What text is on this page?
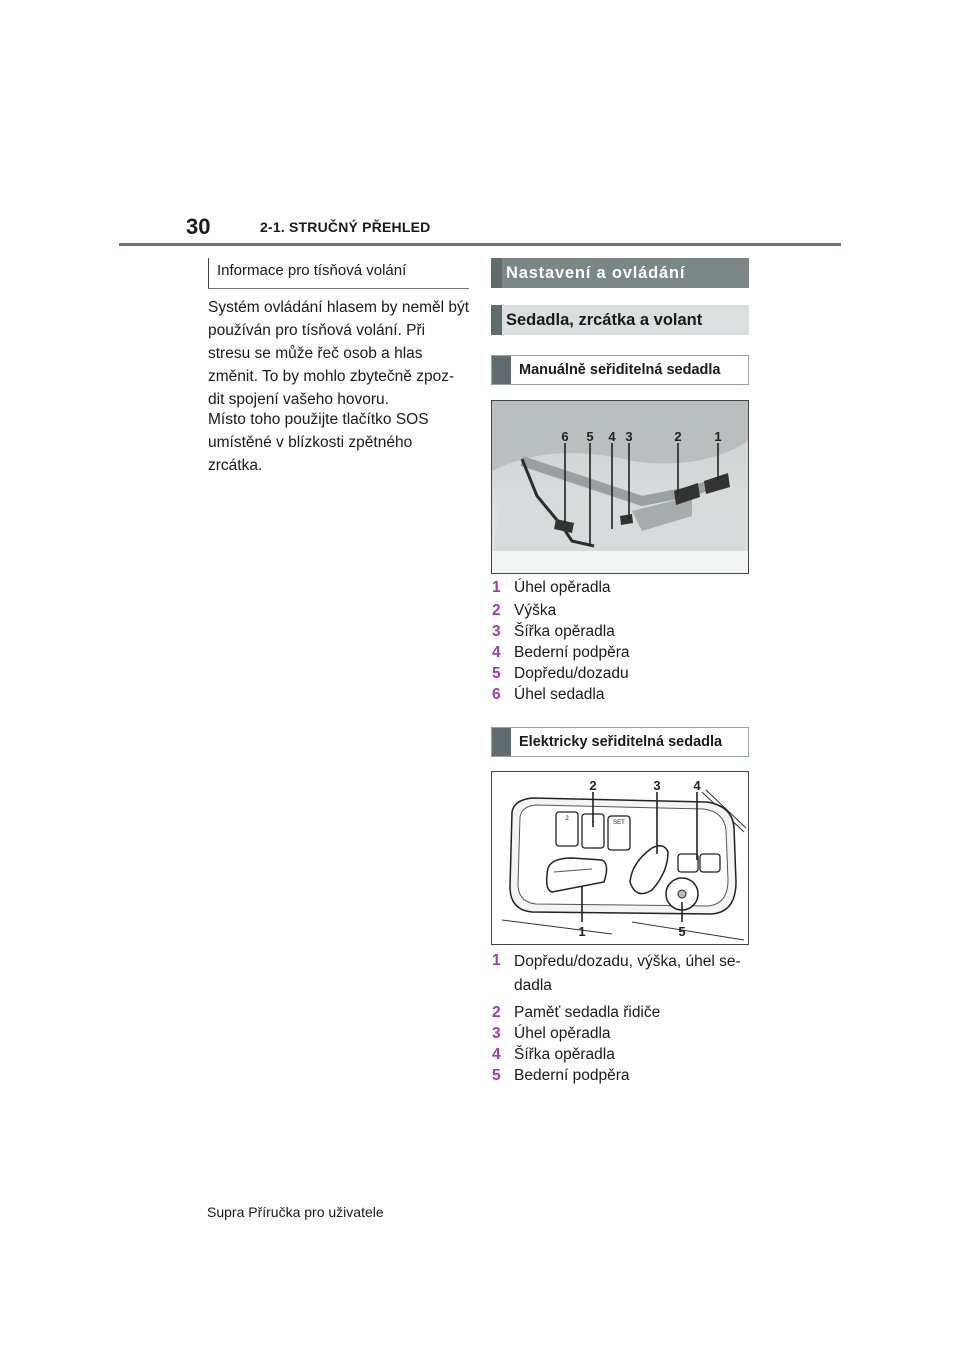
30	2-1. STRUČNÝ PŘEHLED
Informace pro tísňová volání
Systém ovládání hlasem by neměl být používán pro tísňová volání. Při stresu se může řeč osob a hlas změnit. To by mohlo zbytečně zpoz-dit spojení vašeho hovoru.
Místo toho použijte tlačítko SOS umístěné v blízkosti zpětného zrcátka.
Nastavení a ovládání
Sedadla, zrcátka a volant
Manuálně seřiditelná sedadla
6 5 4 3	2	1
1 Úhel opěradla
2 Výška
3 Šířka opěradla
4 Bederní podpěra
5 Dopředu/dozadu
6 Úhel sedadla
Elektricky seřiditelná sedadla
2	1	SET
2	3	4
1	5
1 Dopředu/dozadu, výška, úhel se-dadla
2 Paměť sedadla řidiče
3 Úhel opěradla
4 Šířka opěradla
5 Bederní podpěra
Supra Příručka pro uživatele
